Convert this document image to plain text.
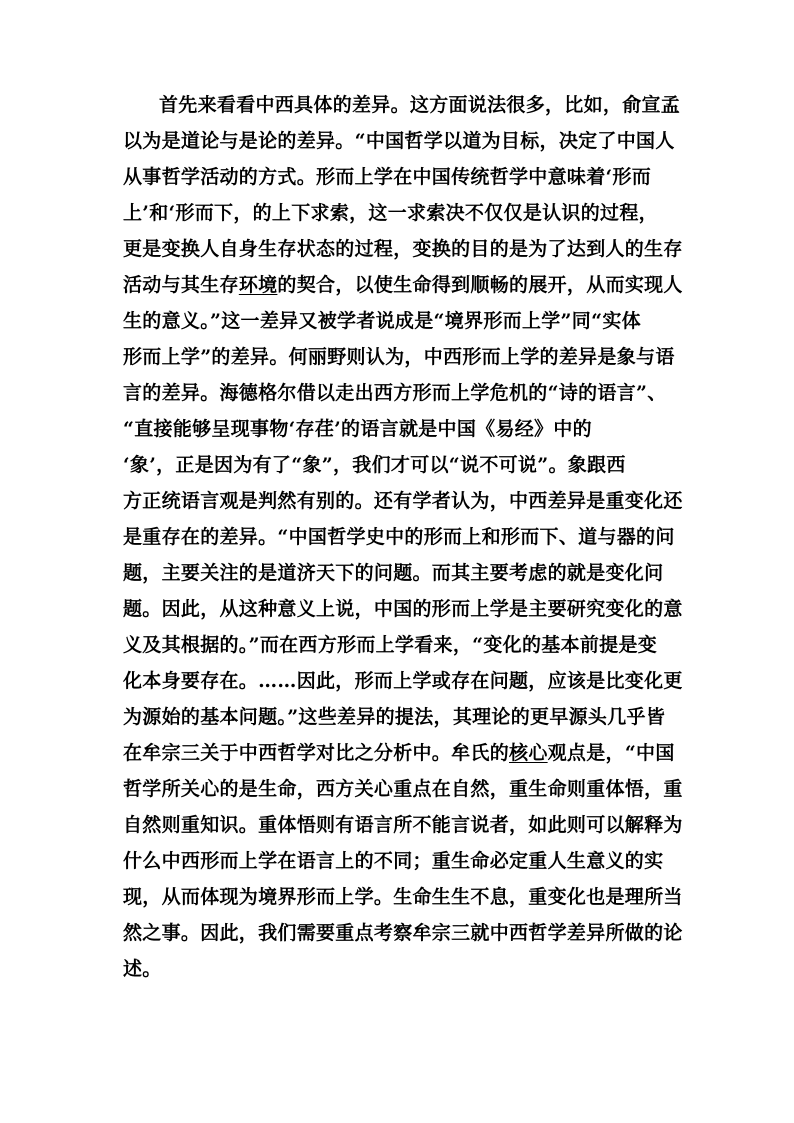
首先来看看中西具体的差异。这方面说法很多，比如，俞宣孟
以为是道论与是论的差异。“中国哲学以道为目标，决定了中国人
从事哲学活动的方式。形而上学在中国传统哲学中意味着‘形而
上’和‘形而下，的上下求索，这一求索决不仅仅是认识的过程，
更是变换人自身生存状态的过程，变换的目的是为了达到人的生存
活动与其生存环境的契合，以使生命得到顺畅的展开，从而实现人
生的意义。”这一差异又被学者说成是“境界形而上学”同“实体
形而上学”的差异。何丽野则认为，中西形而上学的差异是象与语
言的差异。海德格尔借以走出西方形而上学危机的“诗的语言”、
“直接能够呈现事物‘存荏’的语言就是中国《易经》中的
‘象’，正是因为有了“象”，我们才可以“说不可说”。象跟西
方正统语言观是判然有别的。还有学者认为，中西差异是重变化还
是重存在的差异。“中国哲学史中的形而上和形而下、道与器的问
题，主要关注的是道济天下的问题。而其主要考虑的就是变化问
题。因此，从这种意义上说，中国的形而上学是主要研究变化的意
义及其根据的。”而在西方形而上学看来，“变化的基本前提是变
化本身要存在。……因此，形而上学或存在问题，应该是比变化更
为源始的基本问题。”这些差异的提法，其理论的更早源头几乎皆
在牟宗三关于中西哲学对比之分析中。牟氏的核心观点是，“中国
哲学所关心的是生命，西方关心重点在自然，重生命则重体悟，重
自然则重知识。重体悟则有语言所不能言说者，如此则可以解释为
什么中西形而上学在语言上的不同；重生命必定重人生意义的实
现，从而体现为境界形而上学。生命生生不息，重变化也是理所当
然之事。因此，我们需要重点考察牟宗三就中西哲学差异所做的论
述。
